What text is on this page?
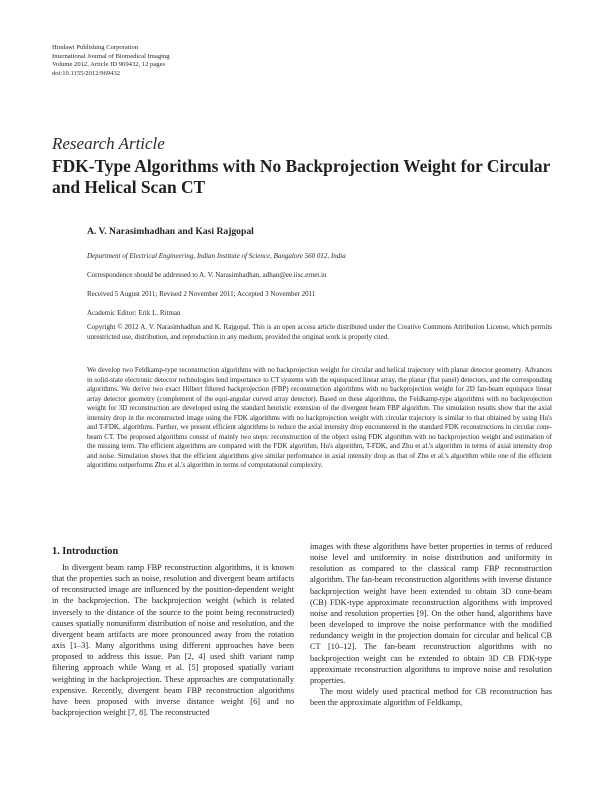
Hindawi Publishing Corporation
International Journal of Biomedical Imaging
Volume 2012, Article ID 969432, 12 pages
doi:10.1155/2012/969432
Research Article
FDK-Type Algorithms with No Backprojection Weight for Circular and Helical Scan CT
A. V. Narasimhadhan and Kasi Rajgopal
Department of Electrical Engineering, Indian Institute of Science, Bangalore 560 012, India
Correspondence should be addressed to A. V. Narasimhadhan, adhan@ee.iisc.ernet.in
Received 5 August 2011; Revised 2 November 2011; Accepted 3 November 2011
Academic Editor: Erik L. Ritman
Copyright © 2012 A. V. Narasimhadhan and K. Rajgopal. This is an open access article distributed under the Creative Commons Attribution License, which permits unrestricted use, distribution, and reproduction in any medium, provided the original work is properly cited.
We develop two Feldkamp-type reconstruction algorithms with no backprojection weight for circular and helical trajectory with planar detector geometry. Advances in solid-state electronic detector technologies lend importance to CT systems with the equispaced linear array, the planar (flat panel) detectors, and the corresponding algorithms. We derive two exact Hilbert filtered backprojection (FBP) reconstruction algorithms with no backprojection weight for 2D fan-beam equispace linear array detector geometry (complement of the equi-angular curved array detector). Based on these algorithms, the Feldkamp-type algorithms with no backprojection weight for 3D reconstruction are developed using the standard heuristic extension of the divergent beam FBP algorithm. The simulation results show that the axial intensity drop in the reconstructed image using the FDK algorithms with no backprojection weight with circular trajectory is similar to that obtained by using Hu's and T-FDK, algorithms. Further, we present efficient algorithms to reduce the axial intensity drop encountered in the standard FDK reconstructions in circular cone-beam CT. The proposed algorithms consist of mainly two steps: reconstruction of the object using FDK algorithm with no backprojection weight and estimation of the missing term. The efficient algorithms are compared with the FDK algorithm, Hu's algorithm, T-FDK, and Zhu et al.'s algorithm in terms of axial intensity drop and noise. Simulation shows that the efficient algorithms give similar performance in axial intensity drop as that of Zhu et al.'s algorithm while one of the efficient algorithms outperforms Zhu et al.'s algorithm in terms of computational complexity.
1. Introduction
In divergent beam ramp FBP reconstruction algorithms, it is known that the properties such as noise, resolution and divergent beam artifacts of reconstructed image are influenced by the position-dependent weight in the backprojection. The backprojection weight (which is related inversely to the distance of the source to the point being reconstructed) causes spatially nonuniform distribution of noise and resolution, and the divergent beam artifacts are more pronounced away from the rotation axis [1–3]. Many algorithms using different approaches have been proposed to address this issue. Pan [2, 4] used shift variant ramp filtering approach while Wang et al. [5] proposed spatially variant weighting in the backprojection. These approaches are computationally expensive. Recently, divergent beam FBP reconstruction algorithms have been proposed with inverse distance weight [6] and no backprojection weight [7, 8]. The reconstructed

images with these algorithms have better properties in terms of reduced noise level and uniformity in noise distribution and uniformity in resolution as compared to the classical ramp FBP reconstruction algorithm. The fan-beam reconstruction algorithms with inverse distance backprojection weight have been extended to obtain 3D cone-beam (CB) FDK-type approximate reconstruction algorithms with improved noise and resolution properties [9]. On the other hand, algorithms have been developed to improve the noise performance with the modified redundancy weight in the projection domain for circular and helical CB CT [10–12]. The fan-beam reconstruction algorithms with no backprojection weight can be extended to obtain 3D CB FDK-type approximate reconstruction algorithms to improve noise and resolution properties.

The most widely used practical method for CB reconstruction has been the approximate algorithm of Feldkamp,
